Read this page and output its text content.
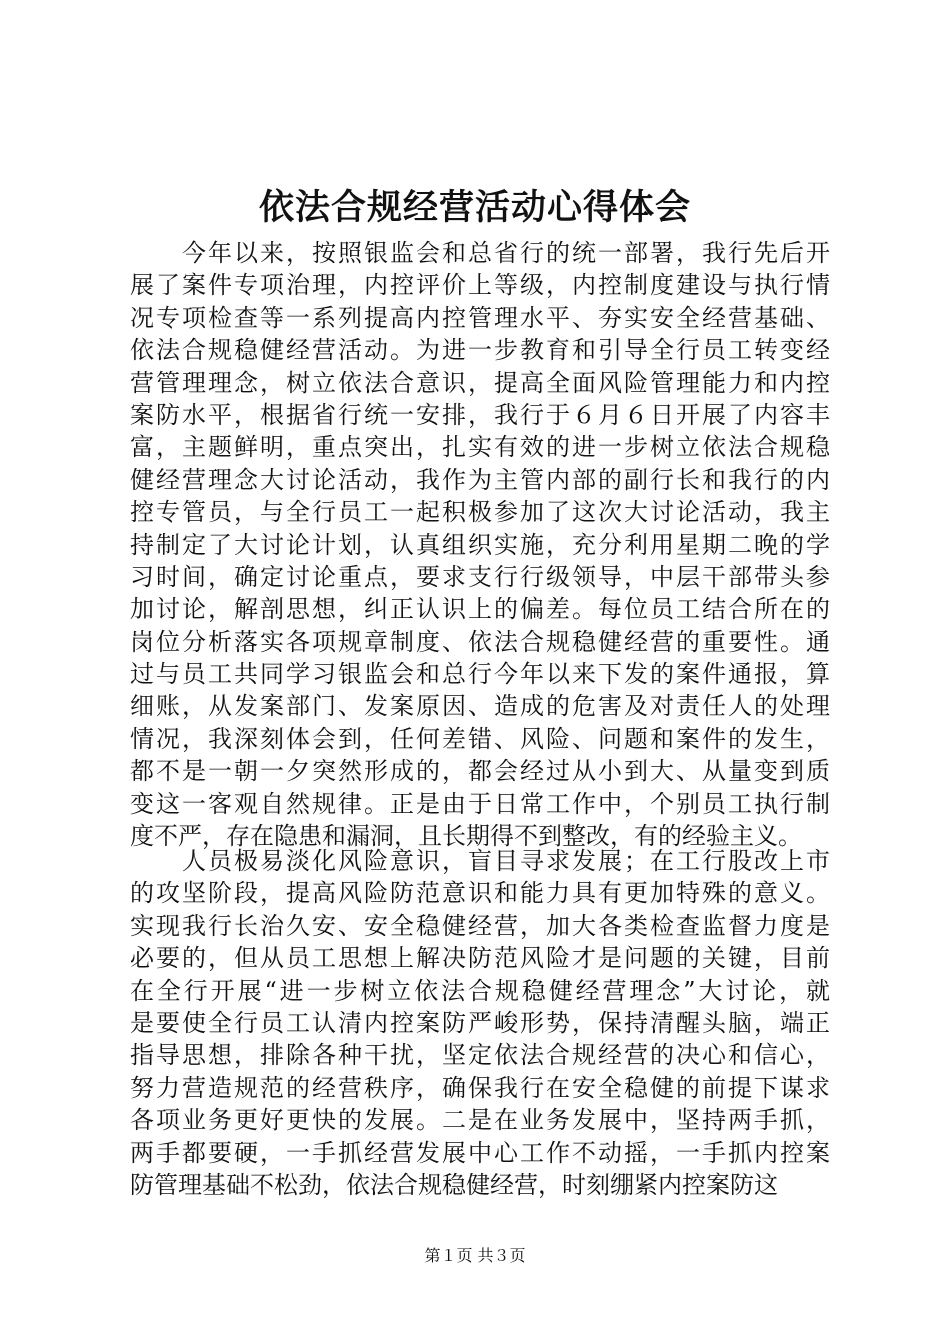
依法合规经营活动心得体会
今年以来，按照银监会和总省行的统一部署，我行先后开
展了案件专项治理，内控评价上等级，内控制度建设与执行情
况专项检查等一系列提高内控管理水平、夯实安全经营基础、
依法合规稳健经营活动。为进一步教育和引导全行员工转变经
营管理理念，树立依法合意识，提高全面风险管理能力和内控
案防水平，根据省行统一安排，我行于６月６日开展了内容丰
富，主题鲜明，重点突出，扎实有效的进一步树立依法合规稳
健经营理念大讨论活动，我作为主管内部的副行长和我行的内
控专管员，与全行员工一起积极参加了这次大讨论活动，我主
持制定了大讨论计划，认真组织实施，充分利用星期二晚的学
习时间，确定讨论重点，要求支行行级领导，中层干部带头参
加讨论，解剖思想，纠正认识上的偏差。每位员工结合所在的
岗位分析落实各项规章制度、依法合规稳健经营的重要性。通
过与员工共同学习银监会和总行今年以来下发的案件通报，算
细账，从发案部门、发案原因、造成的危害及对责任人的处理
情况，我深刻体会到，任何差错、风险、问题和案件的发生，
都不是一朝一夕突然形成的，都会经过从小到大、从量变到质
变这一客观自然规律。正是由于日常工作中，个别员工执行制
度不严，存在隐患和漏洞，且长期得不到整改，有的经验主义。
人员极易淡化风险意识，盲目寻求发展；在工行股改上市
的攻坚阶段，提高风险防范意识和能力具有更加特殊的意义。
实现我行长治久安、安全稳健经营，加大各类检查监督力度是
必要的，但从员工思想上解决防范风险才是问题的关键，目前
在全行开展“进一步树立依法合规稳健经营理念”大讨论，就
是要使全行员工认清内控案防严峻形势，保持清醒头脑，端正
指导思想，排除各种干扰，坚定依法合规经营的决心和信心，
努力营造规范的经营秩序，确保我行在安全稳健的前提下谋求
各项业务更好更快的发展。二是在业务发展中，坚持两手抓，
两手都要硬，一手抓经营发展中心工作不动摇，一手抓内控案
防管理基础不松劲，依法合规稳健经营，时刻绷紧内控案防这
第１页 共３页
